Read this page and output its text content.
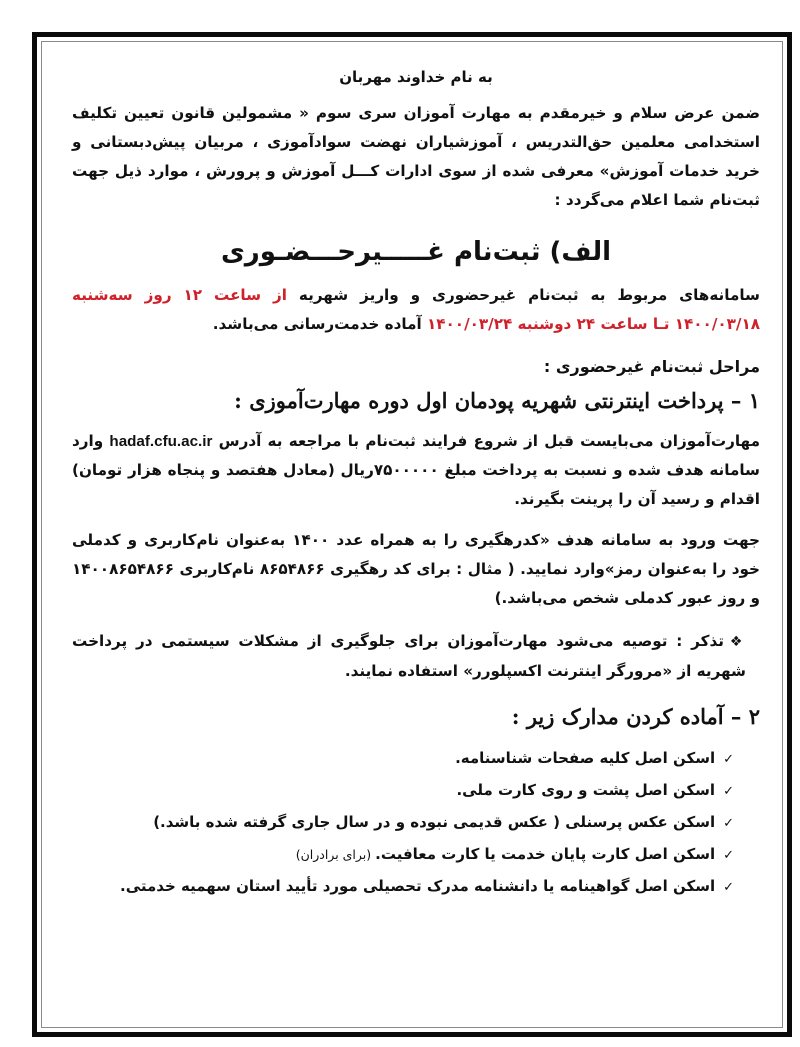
به نام خداوند مهربان

ضمن عرض سلام و خیرمقدم به مهارت آموزان سری سوم « مشمولین قانون تعیین تکلیف استخدامی معلمین حق‌التدریس ، آموزشیاران نهضت سوادآموزی ، مربیان پیش‌دبستانی و خرید خدمات آموزش» معرفی شده از سوی ادارات کـــل آموزش و پرورش ، موارد ذیل جهت ثبت‌نام شما اعلام می‌گردد :

الف) ثبت‌نام غـــــیر‌حـــضـوری

سامانه‌های مربوط به ثبت‌نام غیرحضوری و واریز شهریه از ساعت ۱۲ روز سه‌شنبه ۱۴۰۰/۰۳/۱۸ تـا ساعت ۲۴ دوشنبه ۱۴۰۰/۰۳/۲۴ آماده خدمت‌رسانی می‌باشد.

مراحل ثبت‌نام غیرحضوری :
۱ – پرداخت اینترنتی شهریه پودمان اول دوره مهارت‌آموزی :

مهارت‌آموزان می‌بایست قبل از شروع فرایند ثبت‌نام با مراجعه به آدرس hadaf.cfu.ac.ir وارد سامانه هدف شده و نسبت به پرداخت مبلغ ۷۵۰۰۰۰۰ریال (معادل هفتصد و پنجاه هزار تومان) اقدام و رسید آن را پرینت بگیرند.

جهت ورود به سامانه هدف «کدرهگیری را به همراه عدد ۱۴۰۰ به‌عنوان نام‌کاربری و کدملی خود را به‌عنوان رمز»وارد نمایید. ( مثال : برای کد رهگیری ۸۶۵۴۸۶۶ نام‌کاربری ۱۴۰۰۸۶۵۴۸۶۶ و روز عبور کدملی شخص می‌باشد.)

❖تذکر : توصیه می‌شود مهارت‌آموزان برای جلوگیری از مشکلات سیستمی در پرداخت شهریه از «مرورگر اینترنت اکسپلورر» استفاده نمایند.

۲ – آماده کردن مدارک زیر :
✓اسکن اصل کلیه صفحات شناسنامه.
✓اسکن اصل پشت و روی کارت ملی.
✓اسکن عکس پرسنلی ( عکس قدیمی نبوده و در سال جاری گرفته شده باشد.)
✓اسکن اصل کارت پایان خدمت یا کارت معافیت. (برای برادران)
✓اسکن اصل گواهینامه یا دانشنامه مدرک تحصیلی مورد تأیید استان سهمیه خدمتی.
